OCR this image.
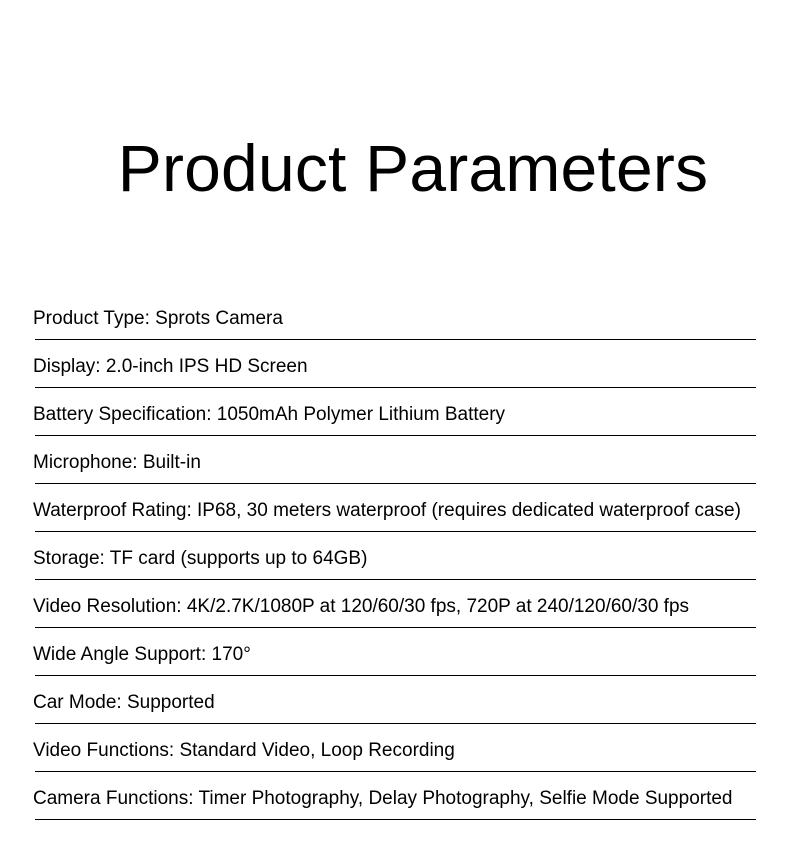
Product Parameters
Product Type: Sprots Camera
Display: 2.0-inch IPS HD Screen
Battery Specification: 1050mAh Polymer Lithium Battery
Microphone: Built-in
Waterproof Rating: IP68, 30 meters waterproof (requires dedicated waterproof case)
Storage: TF card (supports up to 64GB)
Video Resolution: 4K/2.7K/1080P at 120/60/30 fps, 720P at 240/120/60/30 fps
Wide Angle Support: 170°
Car Mode: Supported
Video Functions: Standard Video, Loop Recording
Camera Functions: Timer Photography, Delay Photography, Selfie Mode Supported
